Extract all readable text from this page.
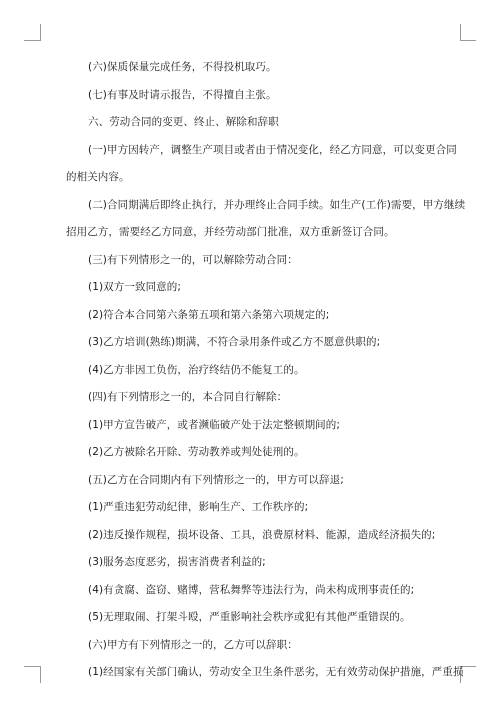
(六)保质保量完成任务，不得投机取巧。
(七)有事及时请示报告，不得擅自主张。
六、劳动合同的变更、终止、解除和辞职
(一)甲方因转产，调整生产项目或者由于情况变化，经乙方同意，可以变更合同
的相关内容。
(二)合同期满后即终止执行，并办理终止合同手续。如生产(工作)需要，甲方继续
招用乙方，需要经乙方同意，并经劳动部门批准，双方重新签订合同。
(三)有下列情形之一的，可以解除劳动合同：
(1)双方一致同意的;
(2)符合本合同第六条第五项和第六条第六项规定的;
(3)乙方培训(熟练)期满，不符合录用条件或乙方不愿意供职的;
(4)乙方非因工负伤，治疗终结仍不能复工的。
(四)有下列情形之一的，本合同自行解除：
(1)甲方宣告破产，或者濒临破产处于法定整顿期间的;
(2)乙方被除名开除、劳动教养或判处徒刑的。
(五)乙方在合同期内有下列情形之一的，甲方可以辞退;
(1)严重违犯劳动纪律，影响生产、工作秩序的;
(2)违反操作规程，损坏设备、工具，浪费原材料、能源，造成经济损失的;
(3)服务态度恶劣，损害消费者利益的;
(4)有贪腐、盗窃、赌博，营私舞弊等违法行为，尚未构成刑事责任的;
(5)无理取闹、打架斗殴，严重影响社会秩序或犯有其他严重错误的。
(六)甲方有下列情形之一的，乙方可以辞职：
(1)经国家有关部门确认，劳动安全卫生条件恶劣，无有效劳动保护措施，严重损
